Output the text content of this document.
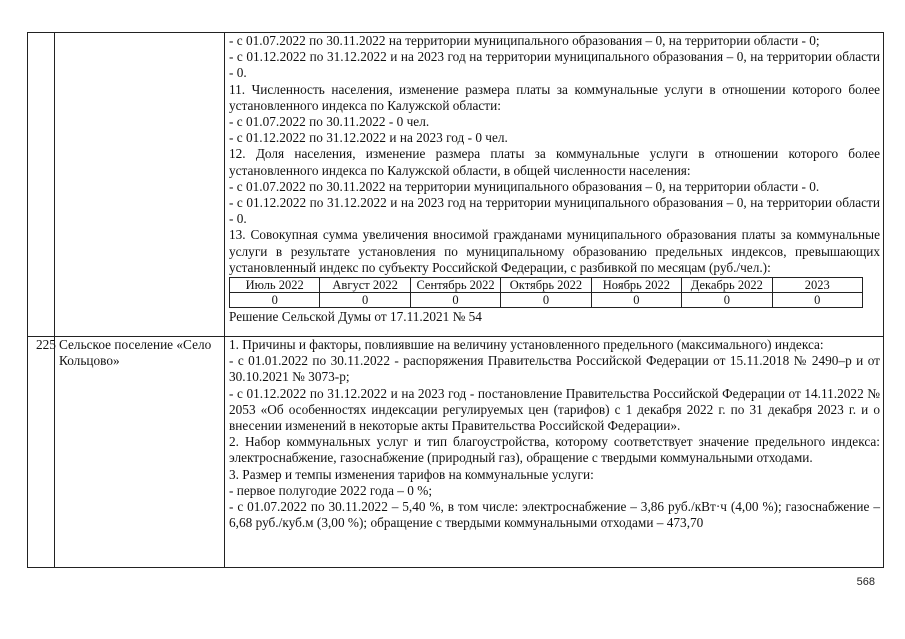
- с 01.07.2022 по 30.11.2022 на территории муниципального образования – 0, на территории области - 0;

- с 01.12.2022 по 31.12.2022 и на 2023 год на территории муниципального образования – 0, на территории области - 0.

11. Численность населения, изменение размера платы за коммунальные услуги в отношении которого более установленного индекса по Калужской области:

- с 01.07.2022 по 30.11.2022 - 0 чел.

- с 01.12.2022 по 31.12.2022 и на 2023 год - 0 чел.

12. Доля населения, изменение размера платы за коммунальные услуги в отношении которого более установленного индекса по Калужской области, в общей численности населения:

- с 01.07.2022 по 30.11.2022 на территории муниципального образования – 0, на территории области - 0.

- с 01.12.2022 по 31.12.2022 и на 2023 год на территории муниципального образования – 0, на территории области - 0.

13. Совокупная сумма увеличения вносимой гражданами муниципального образования платы за коммунальные услуги в результате установления по муниципальному образованию предельных индексов, превышающих установленный индекс по субъекту Российской Федерации, с разбивкой по месяцам (руб./чел.):

Июль 2022	Август 2022	Сентябрь 2022	Октябрь 2022	Ноябрь 2022	Декабрь 2022	2023
0	0	0	0	0	0	0

Решение Сельской Думы от 17.11.2021 № 54

225	Сельское поселение «Село Кольцово»	

1. Причины и факторы, повлиявшие на величину установленного предельного (максимального) индекса:

- с 01.01.2022 по 30.11.2022 - распоряжения Правительства Российской Федерации от 15.11.2018 № 2490–р и от 30.10.2021 № 3073-р;

- с 01.12.2022 по 31.12.2022 и на 2023 год - постановление Правительства Российской Федерации от 14.11.2022 № 2053 «Об особенностях индексации регулируемых цен (тарифов) с 1 декабря 2022 г. по 31 декабря 2023 г. и о внесении изменений в некоторые акты Правительства Российской Федерации».

2. Набор коммунальных услуг и тип благоустройства, которому соответствует значение предельного индекса: электроснабжение, газоснабжение (природный газ), обращение с твердыми коммунальными отходами.

3. Размер и темпы изменения тарифов на коммунальные услуги:

- первое полугодие 2022 года – 0 %;

- с 01.07.2022 по 30.11.2022 – 5,40 %, в том числе: электроснабжение – 3,86 руб./кВт·ч (4,00 %); газоснабжение – 6,68 руб./куб.м (3,00 %); обращение с твердыми коммунальными отходами – 473,70

568
